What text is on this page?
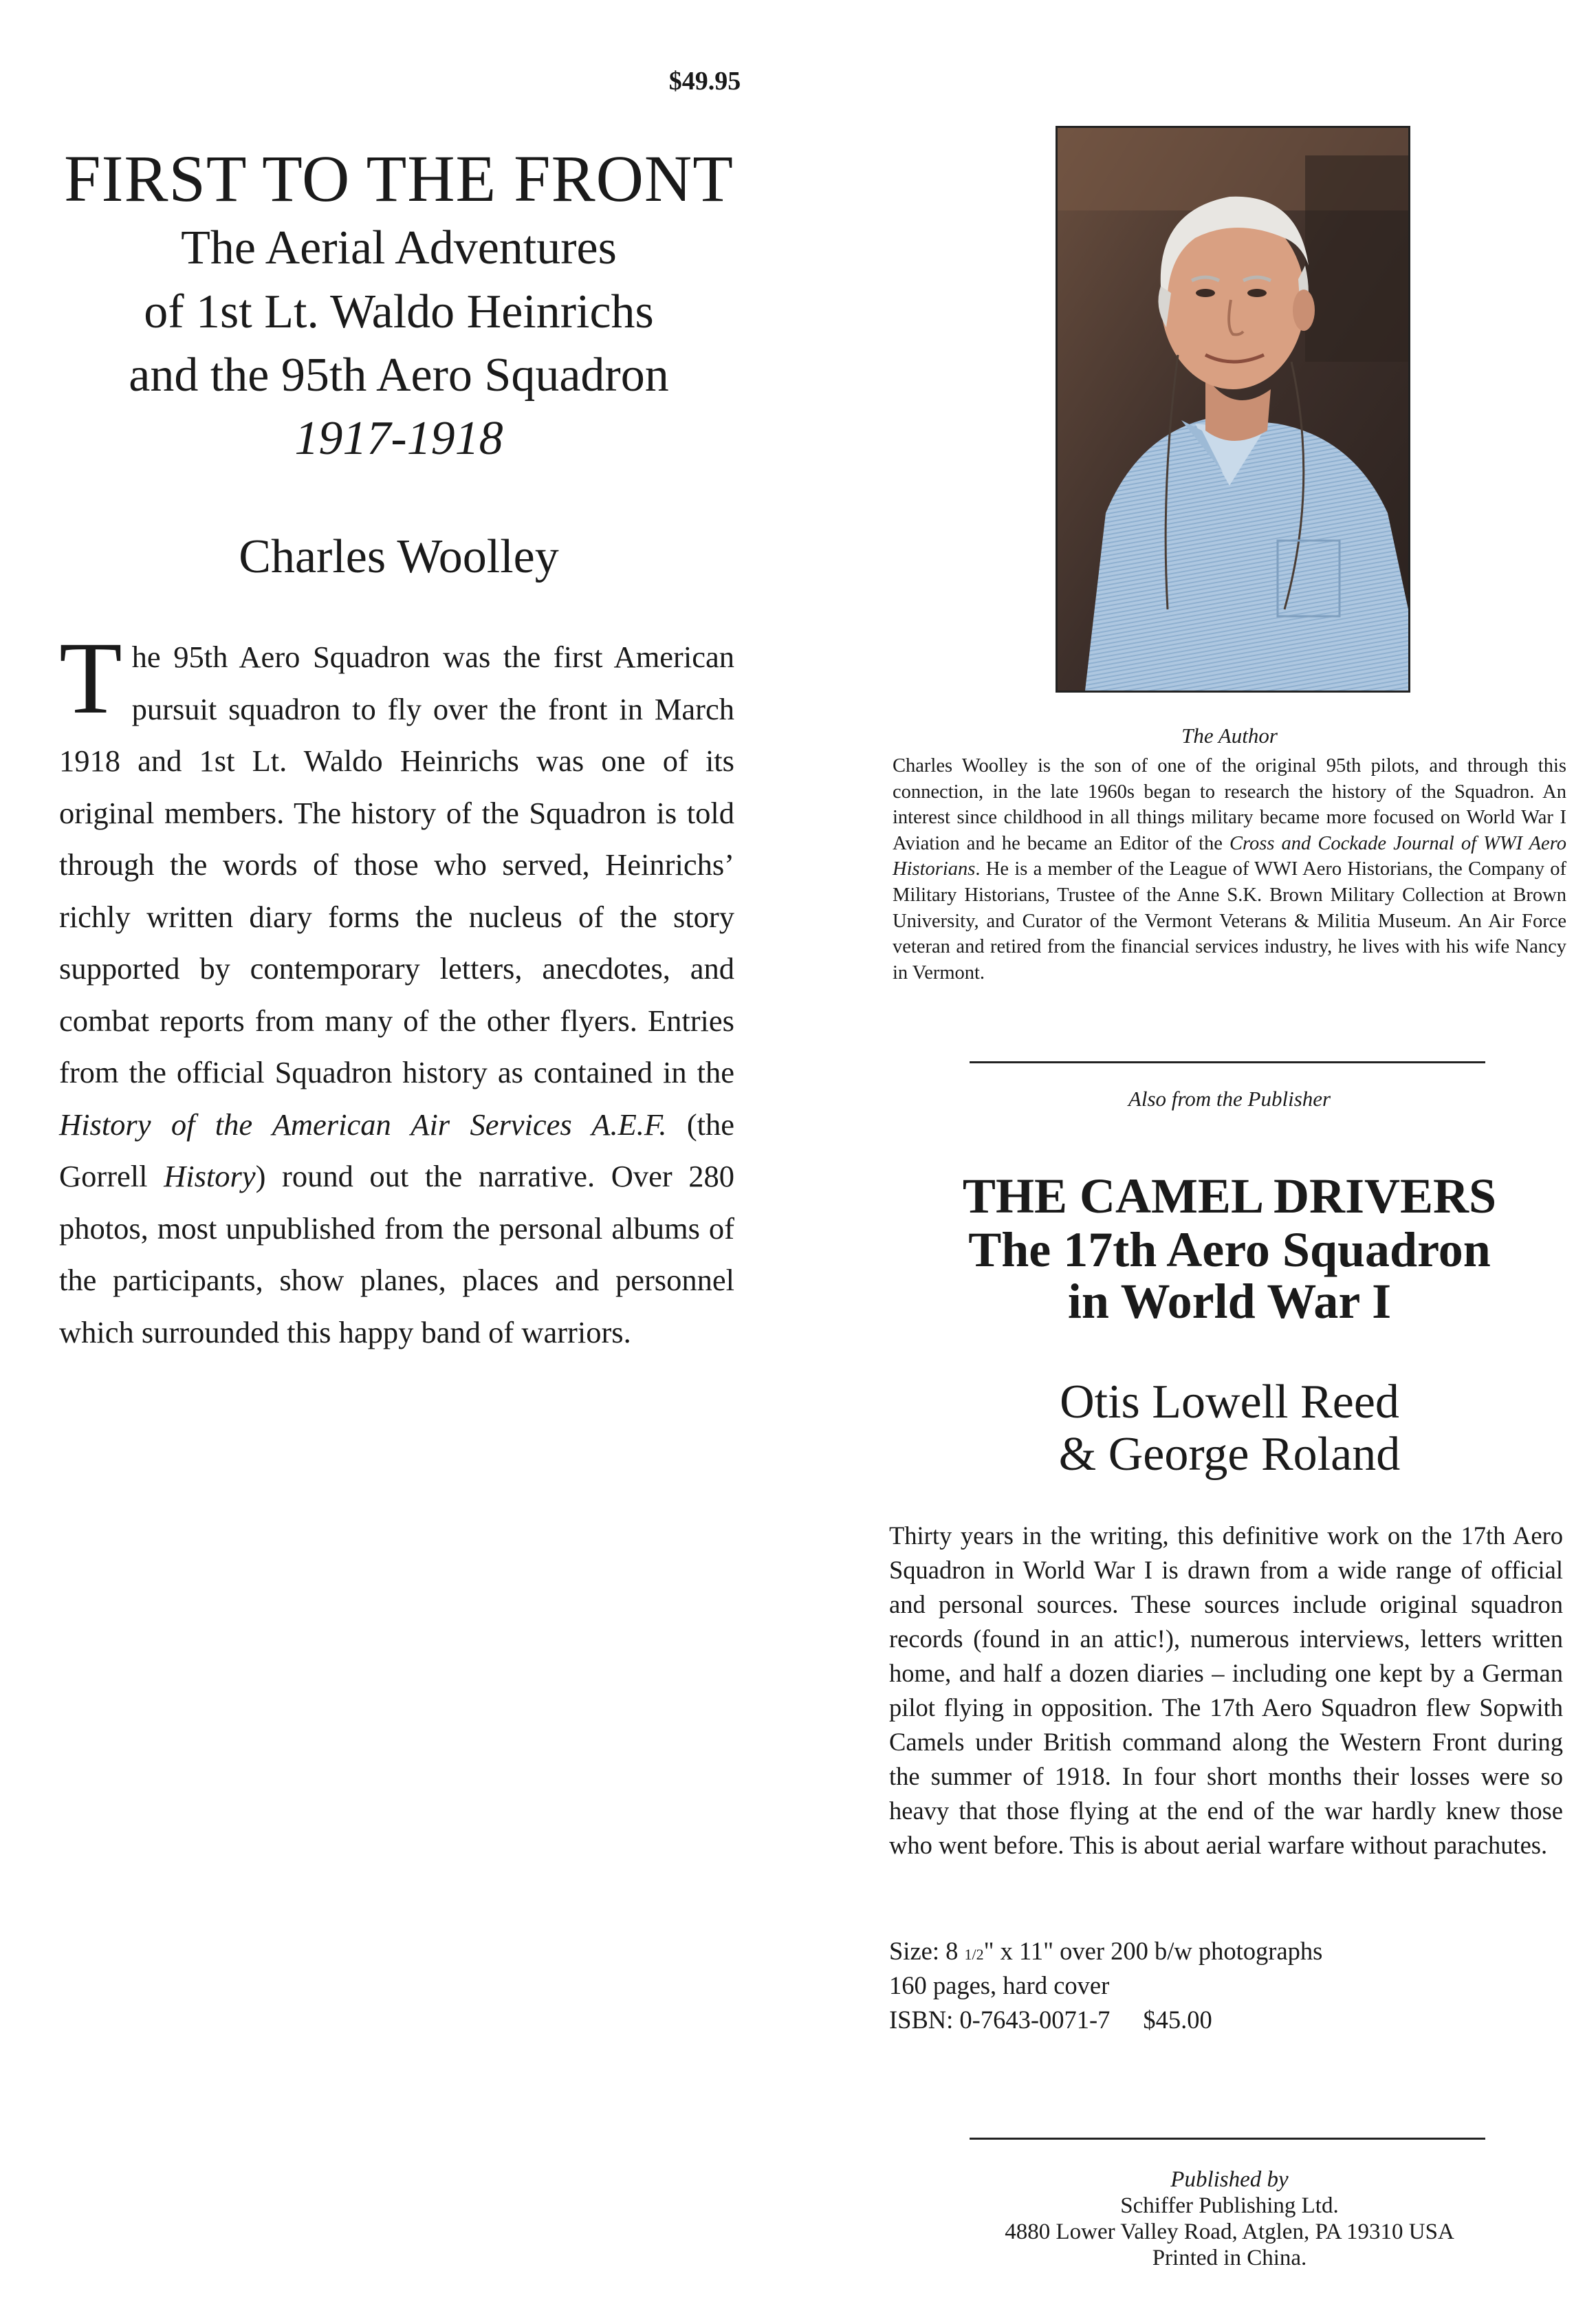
$49.95
FIRST TO THE FRONT
The Aerial Adventures
of 1st Lt. Waldo Heinrichs
and the 95th Aero Squadron
1917-1918
Charles Woolley

The 95th Aero Squadron was the first American pursuit squadron to fly over the front in March 1918 and 1st Lt. Waldo Heinrichs was one of its original members. The history of the Squadron is told through the words of those who served, Heinrichs’ richly written diary forms the nucleus of the story supported by contemporary letters, anecdotes, and combat reports from many of the other flyers. Entries from the official Squadron history as contained in the History of the American Air Services A.E.F. (the Gorrell History) round out the narrative. Over 280 photos, most unpublished from the personal albums of the participants, show planes, places and personnel which surrounded this happy band of warriors.

The Author

Charles Woolley is the son of one of the original 95th pilots, and through this connection, in the late 1960s began to research the history of the Squadron. An interest since childhood in all things military became more focused on World War I Aviation and he became an Editor of the Cross and Cockade Journal of WWI Aero Historians. He is a member of the League of WWI Aero Historians, the Company of Military Historians, Trustee of the Anne S.K. Brown Military Collection at Brown University, and Curator of the Vermont Veterans & Militia Museum. An Air Force veteran and retired from the financial services industry, he lives with his wife Nancy in Vermont.

Also from the Publisher
THE CAMEL DRIVERS
The 17th Aero Squadron
in World War I
Otis Lowell Reed
& George Roland

Thirty years in the writing, this definitive work on the 17th Aero Squadron in World War I is drawn from a wide range of official and personal sources. These sources include original squadron records (found in an attic!), numerous interviews, letters written home, and half a dozen diaries – including one kept by a German pilot flying in opposition. The 17th Aero Squadron flew Sopwith Camels under British command along the Western Front during the summer of 1918. In four short months their losses were so heavy that those flying at the end of the war hardly knew those who went before. This is about aerial warfare without parachutes.

Size: 8 1/2" x 11" over 200 b/w photographs
160 pages, hard cover
ISBN: 0-7643-0071-7 $45.00
Published by
Schiffer Publishing Ltd.
4880 Lower Valley Road, Atglen, PA 19310 USA
Printed in China.
